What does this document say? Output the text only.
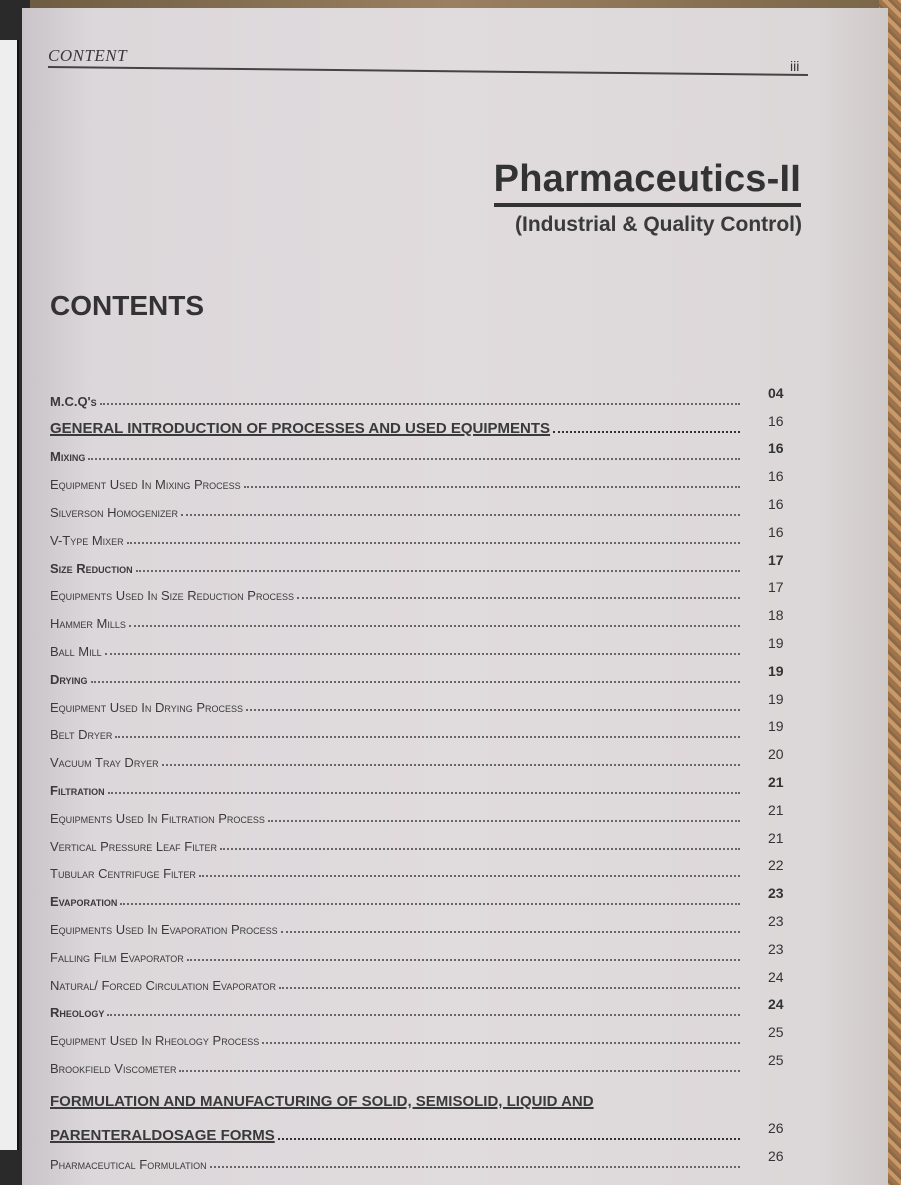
CONTENT
iii
Pharmaceutics-II
(Industrial & Quality Control)
CONTENTS
M.C.Q's
04
GENERAL INTRODUCTION OF PROCESSES AND USED EQUIPMENTS	16
Mixing
16
Equipment Used In Mixing Process
16
Silverson Homogenizer
16
V-Type Mixer
16
Size Reduction
17
Equipments Used In Size Reduction Process
17
Hammer Mills
18
Ball Mill
19
Drying
19
Equipment Used In Drying Process
19
Belt Dryer
19
Vacuum Tray Dryer
20
Filtration
21
Equipments Used In Filtration Process
21
Vertical Pressure Leaf Filter
21
Tubular Centrifuge Filter
22
Evaporation
23
Equipments Used In Evaporation Process
23
Falling Film Evaporator
23
Natural/ Forced Circulation Evaporator
24
Rheology
24
Equipment Used In Rheology Process
25
Brookfield Viscometer
25
FORMULATION AND MANUFACTURING OF SOLID, SEMISOLID, LIQUID AND
PARENTERALDOSAGE FORMS	26
Pharmaceutical Formulation
26
